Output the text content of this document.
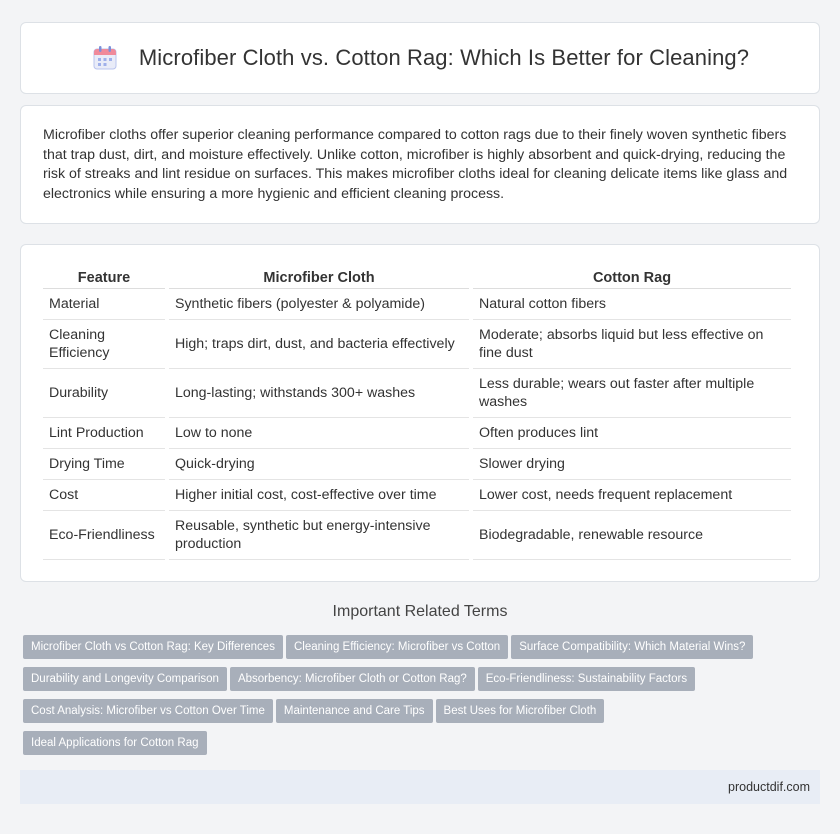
Microfiber Cloth vs. Cotton Rag: Which Is Better for Cleaning?

Microfiber cloths offer superior cleaning performance compared to cotton rags due to their finely woven synthetic fibers that trap dust, dirt, and moisture effectively. Unlike cotton, microfiber is highly absorbent and quick-drying, reducing the risk of streaks and lint residue on surfaces. This makes microfiber cloths ideal for cleaning delicate items like glass and electronics while ensuring a more hygienic and efficient cleaning process.

Feature	Microfiber Cloth	Cotton Rag
Material	Synthetic fibers (polyester & polyamide)	Natural cotton fibers
Cleaning Efficiency	High; traps dirt, dust, and bacteria effectively	Moderate; absorbs liquid but less effective on fine dust
Durability	Long-lasting; withstands 300+ washes	Less durable; wears out faster after multiple washes
Lint Production	Low to none	Often produces lint
Drying Time	Quick-drying	Slower drying
Cost	Higher initial cost, cost-effective over time	Lower cost, needs frequent replacement
Eco-Friendliness	Reusable, synthetic but energy-intensive production	Biodegradable, renewable resource
Important Related Terms
Microfiber Cloth vs Cotton Rag: Key Differences Cleaning Efficiency: Microfiber vs Cotton Surface Compatibility: Which Material Wins?
Durability and Longevity Comparison Absorbency: Microfiber Cloth or Cotton Rag? Eco-Friendliness: Sustainability Factors
Cost Analysis: Microfiber vs Cotton Over Time Maintenance and Care Tips Best Uses for Microfiber Cloth
Ideal Applications for Cotton Rag
productdif.com
